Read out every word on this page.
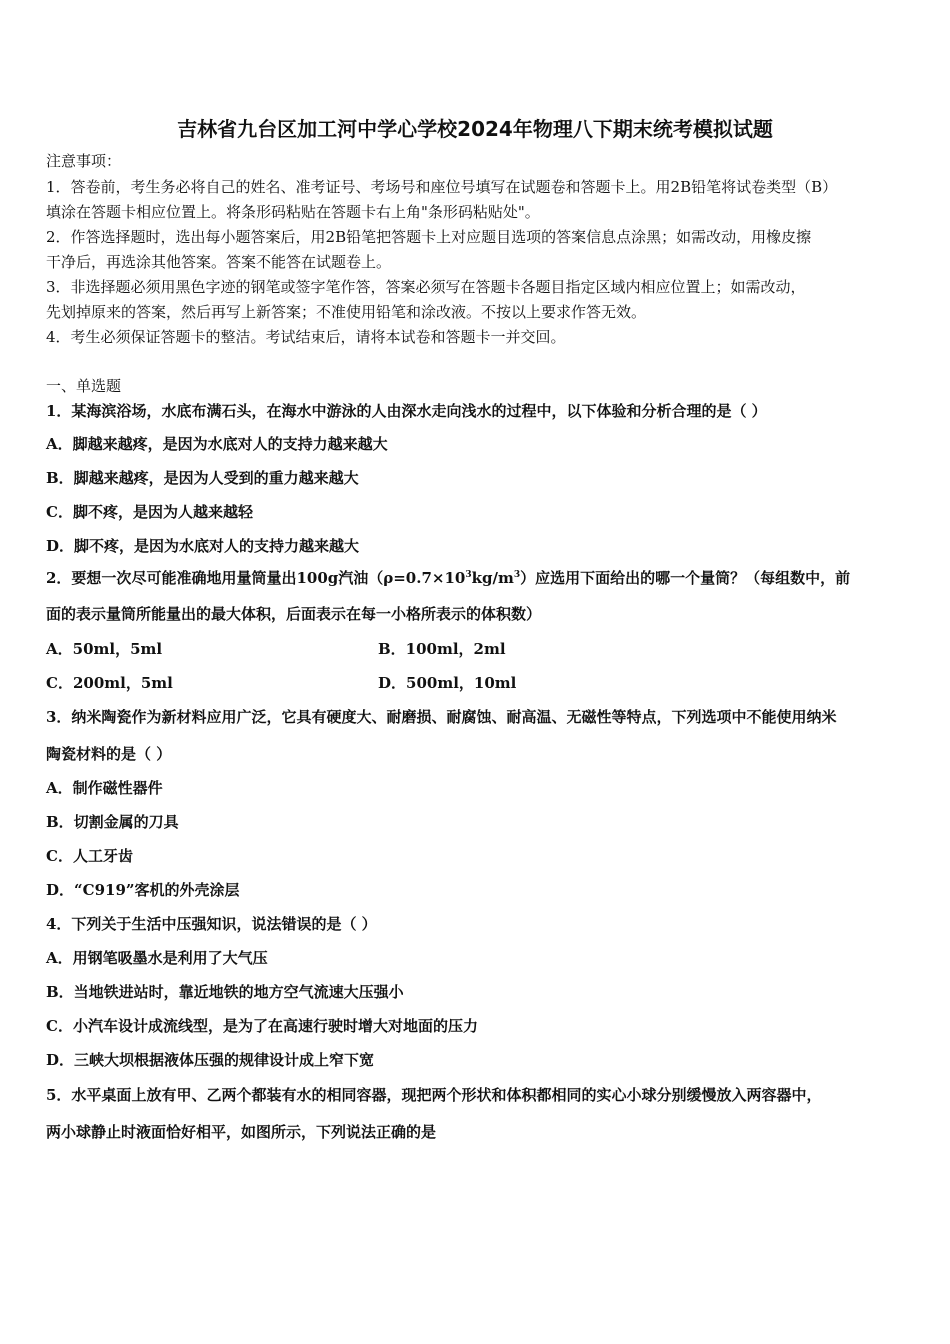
吉林省九台区加工河中学心学校2024年物理八下期末统考模拟试题
注意事项：
1．答卷前，考生务必将自己的姓名、准考证号、考场号和座位号填写在试题卷和答题卡上。用2B铅笔将试卷类型（B）
填涂在答题卡相应位置上。将条形码粘贴在答题卡右上角"条形码粘贴处"。
2．作答选择题时，选出每小题答案后，用2B铅笔把答题卡上对应题目选项的答案信息点涂黑；如需改动，用橡皮擦
干净后，再选涂其他答案。答案不能答在试题卷上。
3．非选择题必须用黑色字迹的钢笔或签字笔作答，答案必须写在答题卡各题目指定区域内相应位置上；如需改动，
先划掉原来的答案，然后再写上新答案；不准使用铅笔和涂改液。不按以上要求作答无效。
4．考生必须保证答题卡的整洁。考试结束后，请将本试卷和答题卡一并交回。
一、单选题
1．某海滨浴场，水底布满石头，在海水中游泳的人由深水走向浅水的过程中，以下体验和分析合理的是（ ）
A．脚越来越疼，是因为水底对人的支持力越来越大
B．脚越来越疼，是因为人受到的重力越来越大
C．脚不疼，是因为人越来越轻
D．脚不疼，是因为水底对人的支持力越来越大
2．要想一次尽可能准确地用量筒量出100g汽油$(\rho=0.7\times 10^3kg/m^3)$应选用下面给出的哪一个量筒？（每组数中，前
面的表示量筒所能量出的最大体积，后面表示在每一小格所表示的体积数）
A．50ml，5ml	B．100ml，2ml
C．200ml，5ml	D．500ml，10ml
3．纳米陶瓷作为新材料应用广泛，它具有硬度大、耐磨损、耐腐蚀、耐高温、无磁性等特点，下列选项中不能使用纳米
陶瓷材料的是（ ）
A．制作磁性器件
B．切割金属的刀具
C．人工牙齿
D．“C919”客机的外壳涂层
4．下列关于生活中压强知识，说法错误的是（ ）
A．用钢笔吸墨水是利用了大气压
B．当地铁进站时，靠近地铁的地方空气流速大压强小
C．小汽车设计成流线型，是为了在高速行驶时增大对地面的压力
D．三峡大坝根据液体压强的规律设计成上窄下宽
5．水平桌面上放有甲、乙两个都装有水的相同容器，现把两个形状和体积都相同的实心小球分别缓慢放入两容器中，
两小球静止时液面恰好相平，如图所示，下列说法正确的是
